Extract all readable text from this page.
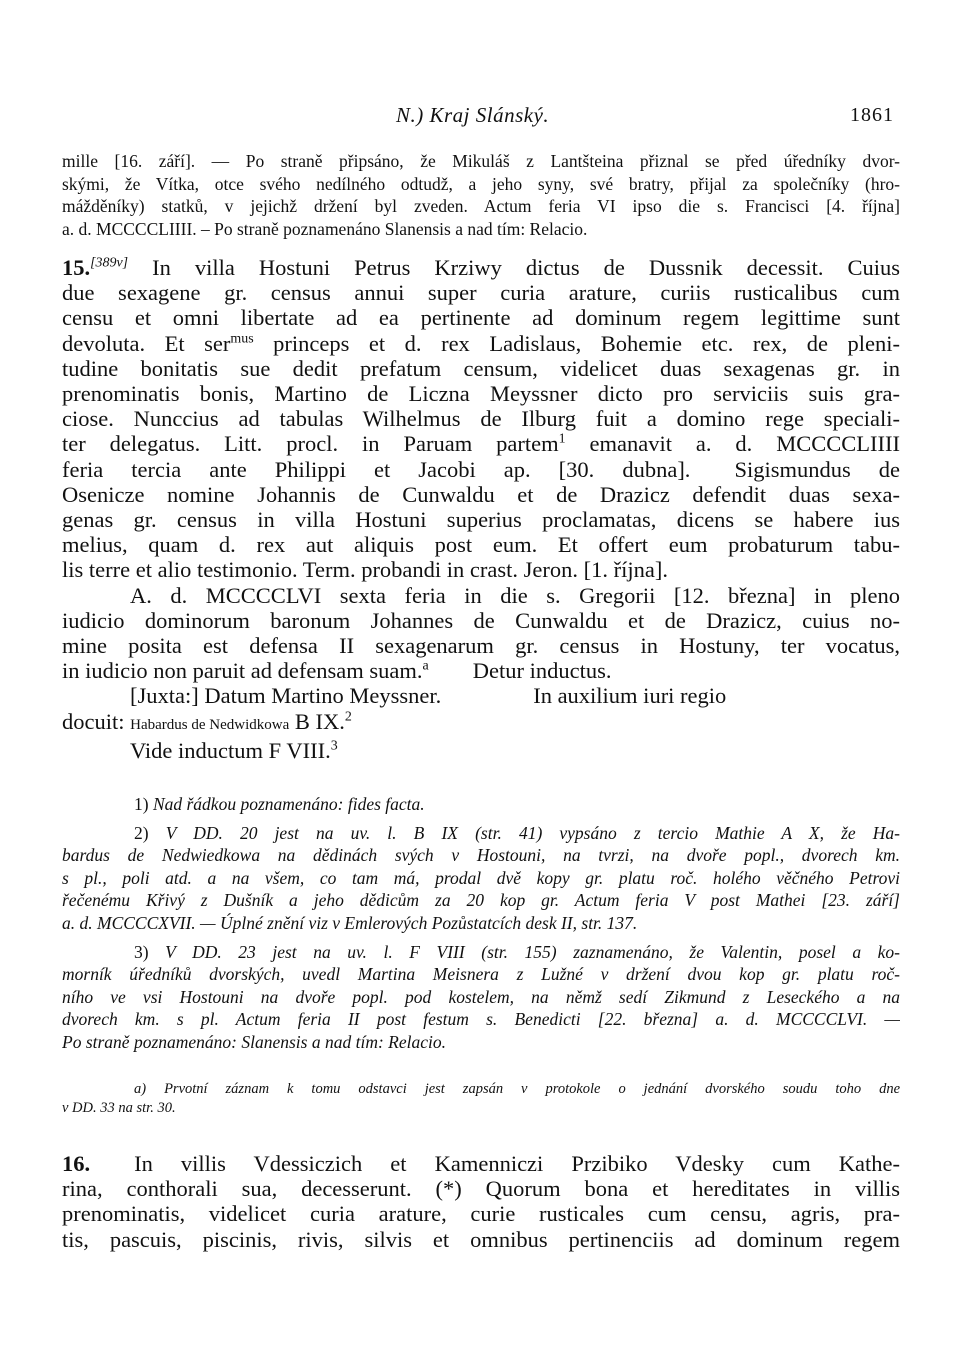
N.) Kraj Slánský.	1861
mille [16. září]. — Po straně připsáno, že Mikuláš z Lantšteina přiznal se před úředníky dvor-
skými, že Vítka, otce svého nedílného odtudž, a jeho syny, své bratry, přijal za společníky (hro-
mážděníky) statků, v jejichž držení byl zveden. Actum feria VI ipso die s. Francisci [4. října]
a. d. MCCCCLIIII. – Po straně poznamenáno Slanensis a nad tím: Relacio.
15.[389v] In villa Hostuni Petrus Krziwy dictus de Dussnik decessit. Cuius
due sexagene gr. census annui super curia arature, curiis rusticalibus cum
censu et omni libertate ad ea pertinente ad dominum regem legittime sunt
devoluta. Et ser$^{mus}$ princeps et d. rex Ladislaus, Bohemie etc. rex, de pleni-
tudine bonitatis sue dedit prefatum censum, videlicet duas sexagenas gr. in
prenominatis bonis, Martino de Liczna Meyssner dicto pro serviciis suis gra-
ciose. Nunccius ad tabulas Wilhelmus de Ilburg fuit a domino rege speciali-
ter delegatus. Litt. procl. in Paruam partem$^1$ emanavit a. d. MCCCCLIIII
feria tercia ante Philippi et Jacobi ap. [30. dubna]. Sigismundus de
Osenicze nomine Johannis de Cunwaldu et de Drazicz defendit duas sexa-
genas gr. census in villa Hostuni superius proclamatas, dicens se habere ius
melius, quam d. rex aut aliquis post eum. Et offert eum probaturum tabu-
lis terre et alio testimonio. Term. probandi in crast. Jeron. [1. října].
A. d. MCCCCLVI sexta feria in die s. Gregorii [12. března] in pleno
iudicio dominorum baronum Johannes de Cunwaldu et de Drazicz, cuius no-
mine posita est defensa II sexagenarum gr. census in Hostuny, ter vocatus,
in iudicio non paruit ad defensam suam.$^a$ Detur inductus.
[Juxta:] Datum Martino Meyssner.	In auxilium iuri regio
docuit: Habardus de Nedwidkowa B IX.$^2$
Vide inductum F VIII.$^3$
1) Nad řádkou poznamenáno: fides facta.
2) V DD. 20 jest na uv. l. B IX (str. 41) vypsáno z tercio Mathie A X, že Ha-
bardus de Nedwiedkowa na dědinách svých v Hostouni, na tvrzi, na dvoře popl., dvorech km.
s pl., poli atd. a na všem, co tam má, prodal dvě kopy gr. platu roč. holého věčného Petrovi
řečenému Křivý z Dušník a jeho dědicům za 20 kop gr. Actum feria V post Mathei [23. září]
a. d. MCCCCXVII. — Úplné znění viz v Emlerových Pozůstatcích desk II, str. 137.
3) V DD. 23 jest na uv. l. F VIII (str. 155) zaznamenáno, že Valentin, posel a ko-
morník úředníků dvorských, uvedl Martina Meisnera z Lužné v držení dvou kop gr. platu roč-
ního ve vsi Hostouni na dvoře popl. pod kostelem, na němž sedí Zikmund z Leseckého a na
dvorech km. s pl. Actum feria II post festum s. Benedicti [22. března] a. d. MCCCCLVI. —
Po straně poznamenáno: Slanensis a nad tím: Relacio.
a) Prvotní záznam k tomu odstavci jest zapsán v protokole o jednání dvorského soudu toho dne
v DD. 33 na str. 30.
16. In villis Vdessiczich et Kamenniczi Przibiko Vdesky cum Kathe-
rina, conthorali sua, decesserunt. (*) Quorum bona et hereditates in villis
prenominatis, videlicet curia arature, curie rusticales cum censu, agris, pra-
tis, pascuis, piscinis, rivis, silvis et omnibus pertinenciis ad dominum regem
